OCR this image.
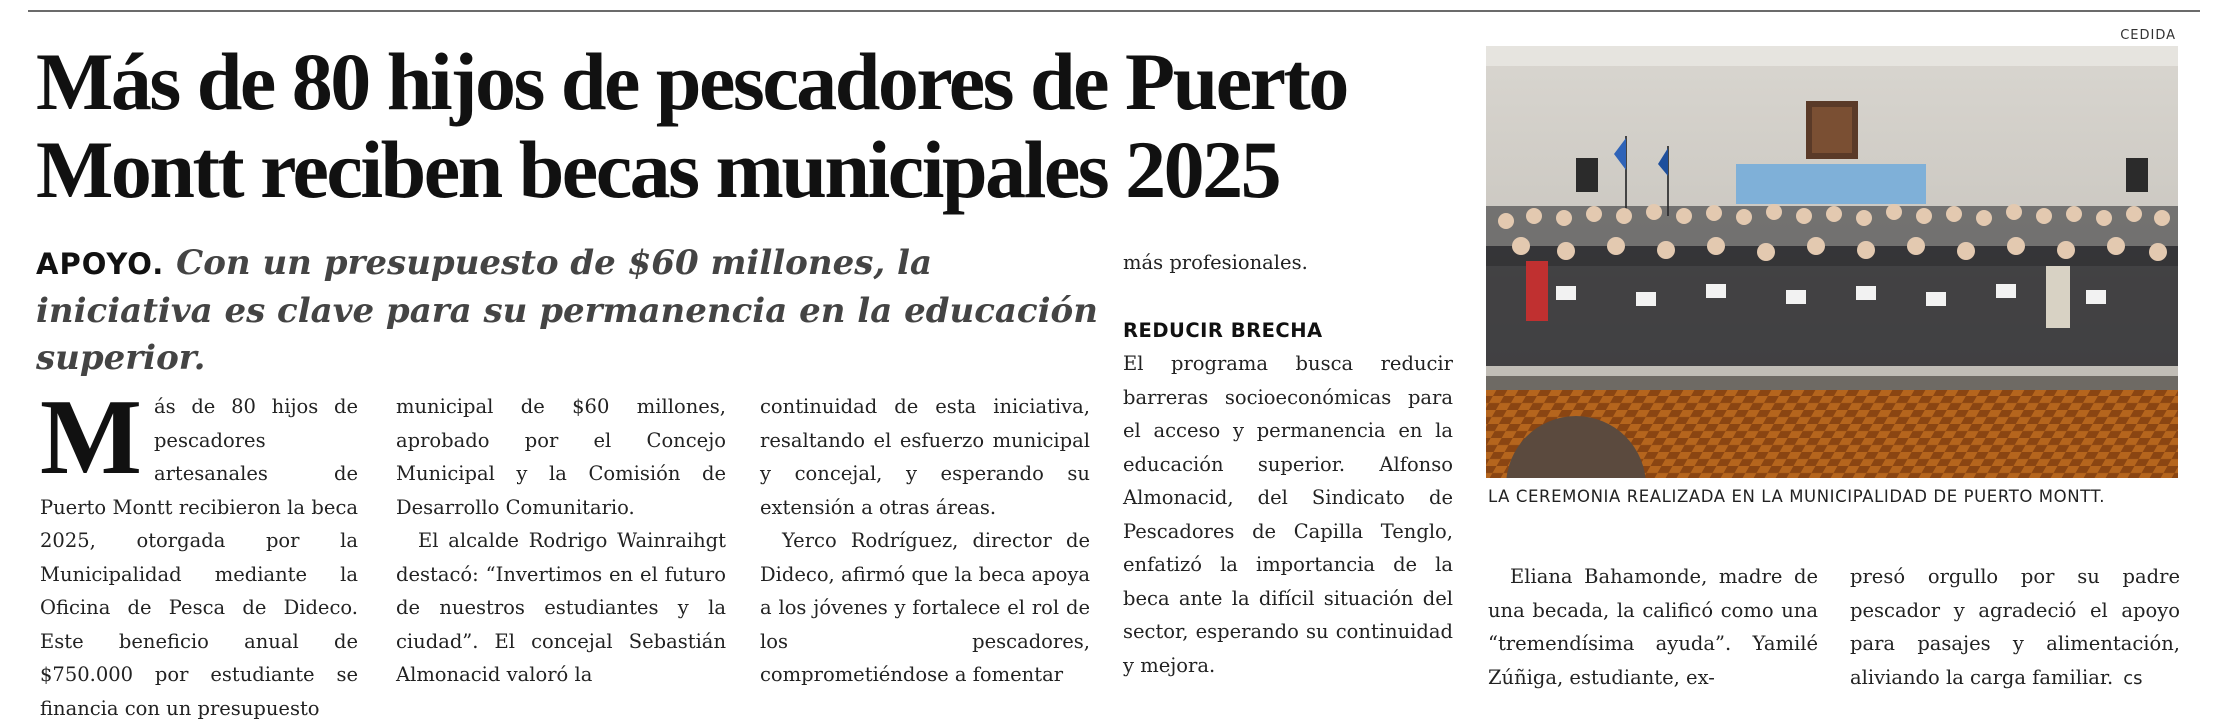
Más de 80 hijos de pescadores de Puerto
Montt reciben becas municipales 2025
APOYO. Con un presupuesto de $60 millones, la iniciativa es clave para su permanencia en la educación superior.

Más de 80 hijos de pescadores artesanales de Puerto Montt recibieron la beca 2025, otorgada por la Municipalidad mediante la Oficina de Pesca de Dideco. Este beneficio anual de $750.000 por estudiante se financia con un presupuesto

municipal de $60 millones, aprobado por el Concejo Municipal y la Comisión de Desarrollo Comunitario.

El alcalde Rodrigo Wainraihgt destacó: “Invertimos en el futuro de nuestros estudiantes y la ciudad”. El concejal Sebastián Almonacid valoró la

continuidad de esta iniciativa, resaltando el esfuerzo municipal y concejal, y esperando su extensión a otras áreas.

Yerco Rodríguez, director de Dideco, afirmó que la beca apoya a los jóvenes y fortalece el rol de los pescadores, comprometiéndose a fomentar

más profesionales.

REDUCIR BRECHA

El programa busca reducir barreras socioeconómicas para el acceso y permanencia en la educación superior. Alfonso Almonacid, del Sindicato de Pescadores de Capilla Tenglo, enfatizó la importancia de la beca ante la difícil situación del sector, esperando su continuidad y mejora.

CEDIDA
LA CEREMONIA REALIZADA EN LA MUNICIPALIDAD DE PUERTO MONTT.

Eliana Bahamonde, madre de una becada, la calificó como una “tremendísima ayuda”. Yamilé Zúñiga, estudiante, ex-

presó orgullo por su padre pescador y agradeció el apoyo para pasajes y alimentación, aliviando la carga familiar. cs
